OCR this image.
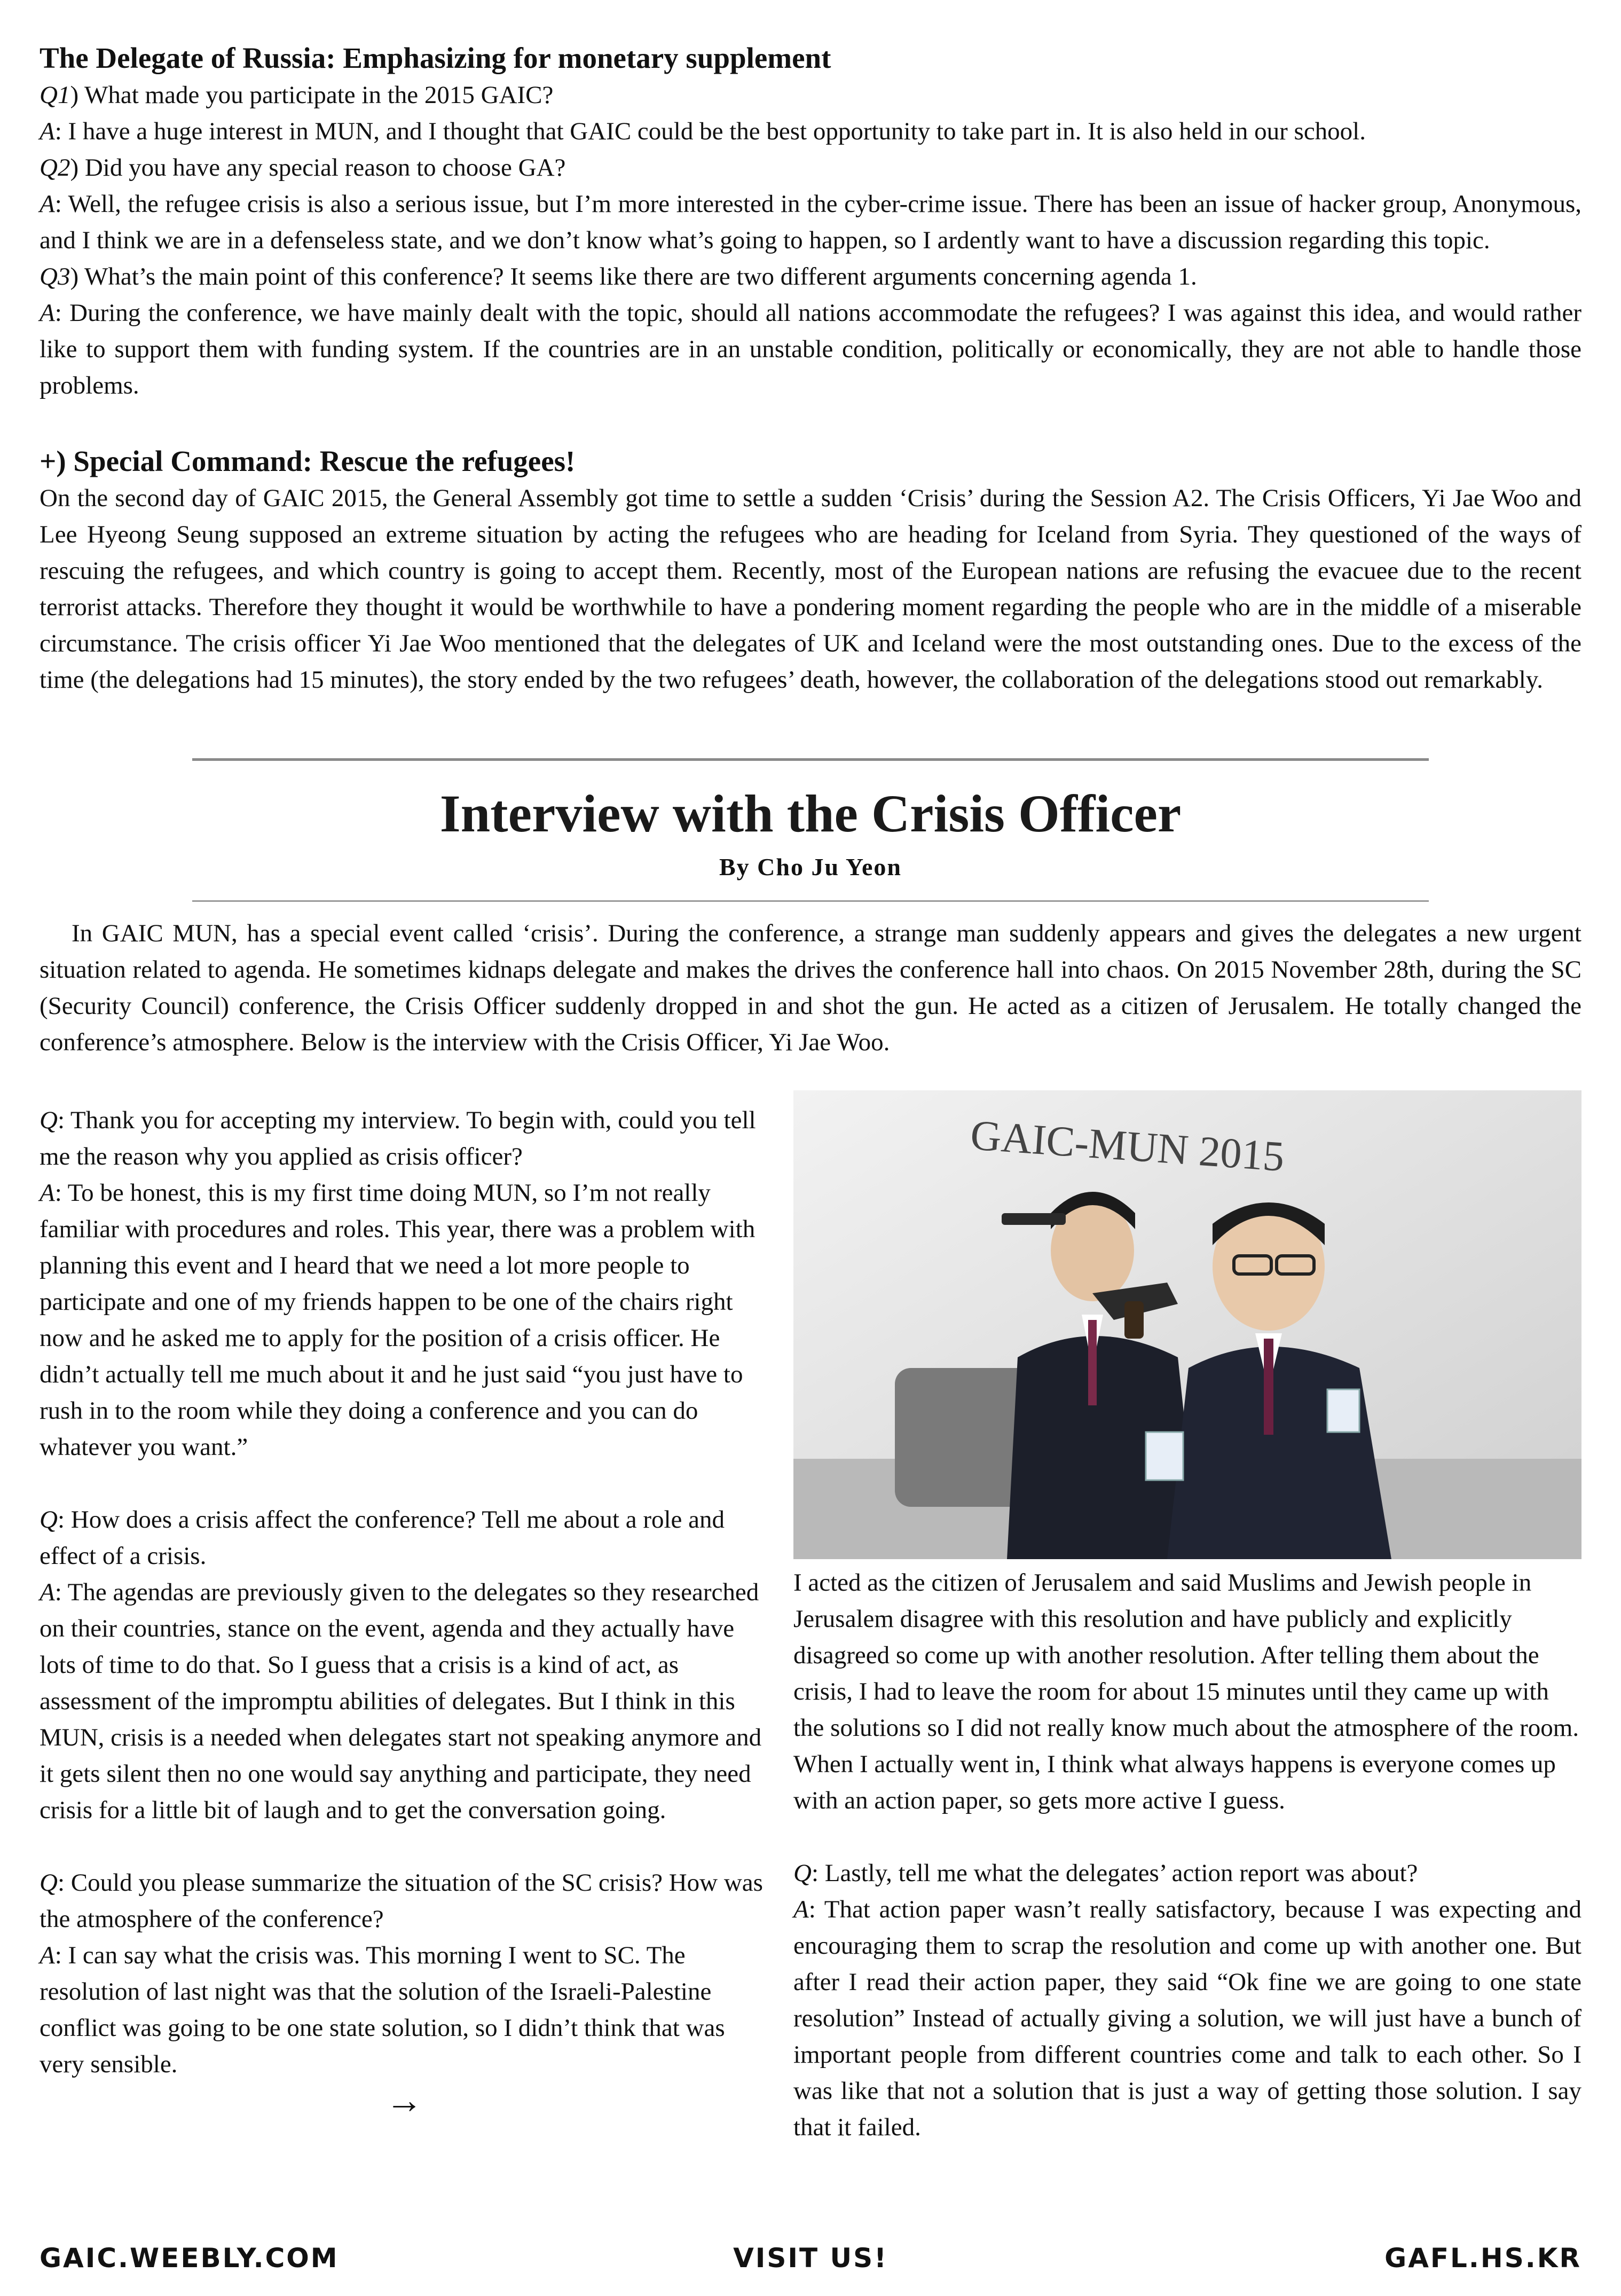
The Delegate of Russia: Emphasizing for monetary supplement

Q1) What made you participate in the 2015 GAIC?

A: I have a huge interest in MUN, and I thought that GAIC could be the best opportunity to take part in. It is also held in our school.

Q2) Did you have any special reason to choose GA?

A: Well, the refugee crisis is also a serious issue, but I’m more interested in the cyber-crime issue. There has been an issue of hacker group, Anonymous, and I think we are in a defenseless state, and we don’t know what’s going to happen, so I ardently want to have a discussion regarding this topic.

Q3) What’s the main point of this conference? It seems like there are two different arguments concerning agenda 1.

A: During the conference, we have mainly dealt with the topic, should all nations accommodate the refugees? I was against this idea, and would rather like to support them with funding system. If the countries are in an unstable condition, politically or economically, they are not able to handle those problems.

+) Special Command: Rescue the refugees!

On the second day of GAIC 2015, the General Assembly got time to settle a sudden ‘Crisis’ during the Session A2. The Crisis Officers, Yi Jae Woo and Lee Hyeong Seung supposed an extreme situation by acting the refugees who are heading for Iceland from Syria. They questioned of the ways of rescuing the refugees, and which country is going to accept them. Recently, most of the European nations are refusing the evacuee due to the recent terrorist attacks. Therefore they thought it would be worthwhile to have a pondering moment regarding the people who are in the middle of a miserable circumstance. The crisis officer Yi Jae Woo mentioned that the delegates of UK and Iceland were the most outstanding ones. Due to the excess of the time (the delegations had 15 minutes), the story ended by the two refugees’ death, however, the collaboration of the delegations stood out remarkably.

Interview with the Crisis Officer
By Cho Ju Yeon

In GAIC MUN, has a special event called ‘crisis’. During the conference, a strange man suddenly appears and gives the delegates a new urgent situation related to agenda. He sometimes kidnaps delegate and makes the drives the conference hall into chaos. On 2015 November 28th, during the SC (Security Council) conference, the Crisis Officer suddenly dropped in and shot the gun. He acted as a citizen of Jerusalem. He totally changed the conference’s atmosphere. Below is the interview with the Crisis Officer, Yi Jae Woo.

Q: Thank you for accepting my interview. To begin with, could you tell me the reason why you applied as crisis officer?

A: To be honest, this is my first time doing MUN, so I’m not really familiar with procedures and roles. This year, there was a problem with planning this event and I heard that we need a lot more people to participate and one of my friends happen to be one of the chairs right now and he asked me to apply for the position of a crisis officer. He didn’t actually tell me much about it and he just said “you just have to rush in to the room while they doing a conference and you can do whatever you want.”

Q: How does a crisis affect the conference? Tell me about a role and effect of a crisis.

A: The agendas are previously given to the delegates so they researched on their countries, stance on the event, agenda and they actually have lots of time to do that. So I guess that a crisis is a kind of act, as assessment of the impromptu abilities of delegates. But I think in this MUN, crisis is a needed when delegates start not speaking anymore and it gets silent then no one would say anything and participate, they need crisis for a little bit of laugh and to get the conversation going.

Q: Could you please summarize the situation of the SC crisis? How was the atmosphere of the conference?

A: I can say what the crisis was. This morning I went to SC. The resolution of last night was that the solution of the Israeli-Palestine conflict was going to be one state solution, so I didn’t think that was very sensible.

→
GAIC-MUN 2015

I acted as the citizen of Jerusalem and said Muslims and Jewish people in Jerusalem disagree with this resolution and have publicly and explicitly disagreed so come up with another resolution. After telling them about the crisis, I had to leave the room for about 15 minutes until they came up with the solutions so I did not really know much about the atmosphere of the room. When I actually went in, I think what always happens is everyone comes up with an action paper, so gets more active I guess.

Q: Lastly, tell me what the delegates’ action report was about?

A: That action paper wasn’t really satisfactory, because I was expecting and encouraging them to scrap the resolution and come up with another one. But after I read their action paper, they said “Ok fine we are going to one state resolution” Instead of actually giving a solution, we will just have a bunch of important people from different countries come and talk to each other. So I was like that not a solution that is just a way of getting those solution. I say that it failed.

GAIC.WEEBLY.COM	VISIT US!	GAFL.HS.KR
